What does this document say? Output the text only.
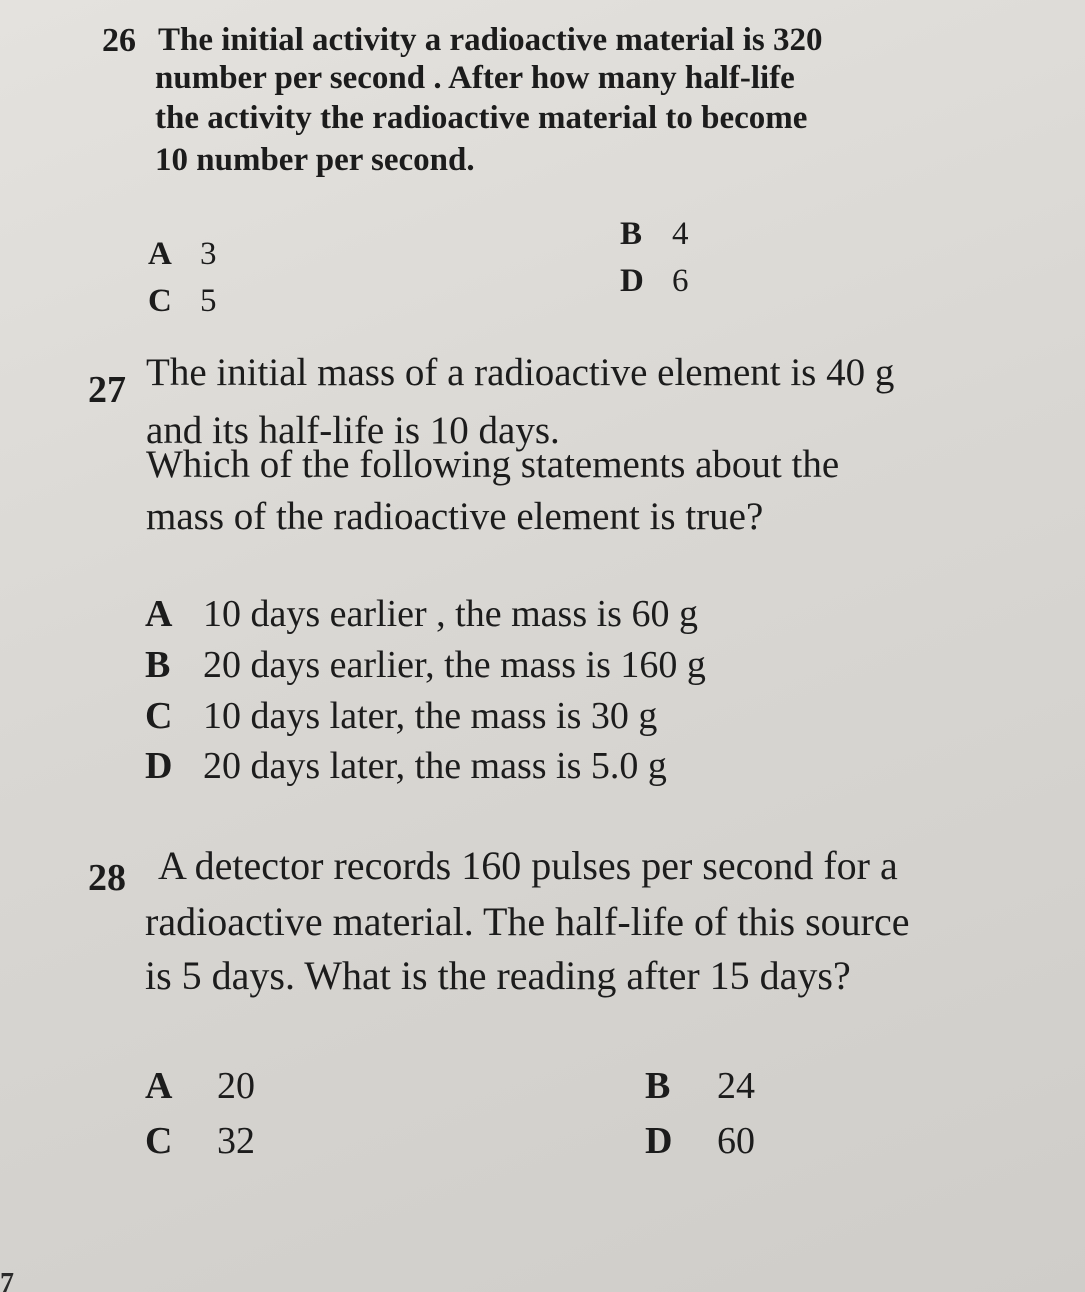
26 The initial activity a radioactive material is 320
number per second . After how many half-life
the activity the radioactive material to become
10 number per second.
A 3
B 4
C 5
D 6
27 The initial mass of a radioactive element is 40 g
and its half-life is 10 days.
Which of the following statements about the
mass of the radioactive element is true?
A 10 days earlier , the mass is 60 g
B 20 days earlier, the mass is 160 g
C 10 days later, the mass is 30 g
D 20 days later, the mass is 5.0 g
28 A detector records 160 pulses per second for a
radioactive material. The half-life of this source
is 5 days. What is the reading after 15 days?
A 20	B 24
C 32	D 60
7
